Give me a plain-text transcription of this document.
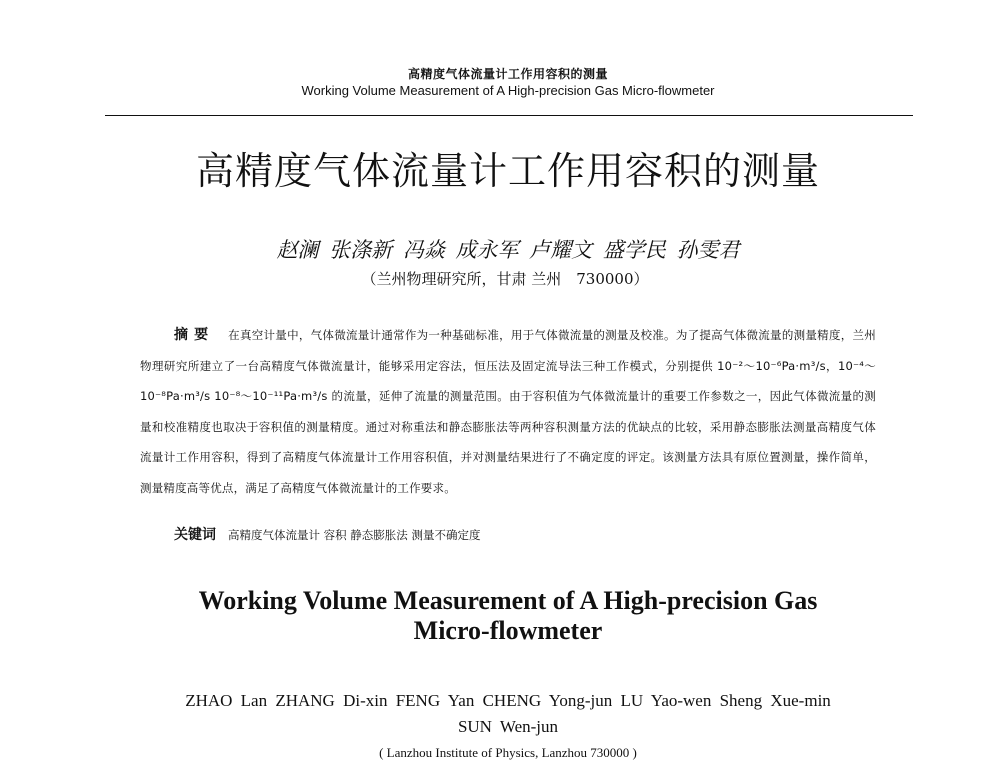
高精度气体流量计工作用容积的测量
Working Volume Measurement of A High-precision Gas Micro-flowmeter
高精度气体流量计工作用容积的测量
赵澜 张涤新 冯焱 成永军 卢耀文 盛学民 孙雯君
（兰州物理研究所，甘肃 兰州　730000）
摘要 在真空计量中，气体微流量计通常作为一种基础标准，用于气体微流量的测量及校准。为了提高气体微流量的测量精度，兰州物理研究所建立了一台高精度气体微流量计，能够采用定容法，恒压法及固定流导法三种工作模式，分别提供 10⁻²～10⁻⁶Pa·m³/s，10⁻⁴～10⁻⁸Pa·m³/s 10⁻⁸～10⁻¹¹Pa·m³/s 的流量，延伸了流量的测量范围。由于容积值为气体微流量计的重要工作参数之一，因此气体微流量的测量和校准精度也取决于容积值的测量精度。通过对称重法和静态膨胀法等两种容积测量方法的优缺点的比较，采用静态膨胀法测量高精度气体流量计工作用容积，得到了高精度气体流量计工作用容积值，并对测量结果进行了不确定度的评定。该测量方法具有原位置测量，操作简单，测量精度高等优点，满足了高精度气体微流量计的工作要求。
关键词 高精度气体流量计 容积 静态膨胀法 测量不确定度
Working Volume Measurement of A High-precision Gas
Micro-flowmeter
ZHAO Lan ZHANG Di-xin FENG Yan CHENG Yong-jun LU Yao-wen Sheng Xue-min
SUN Wen-jun
( Lanzhou Institute of Physics, Lanzhou 730000 )
